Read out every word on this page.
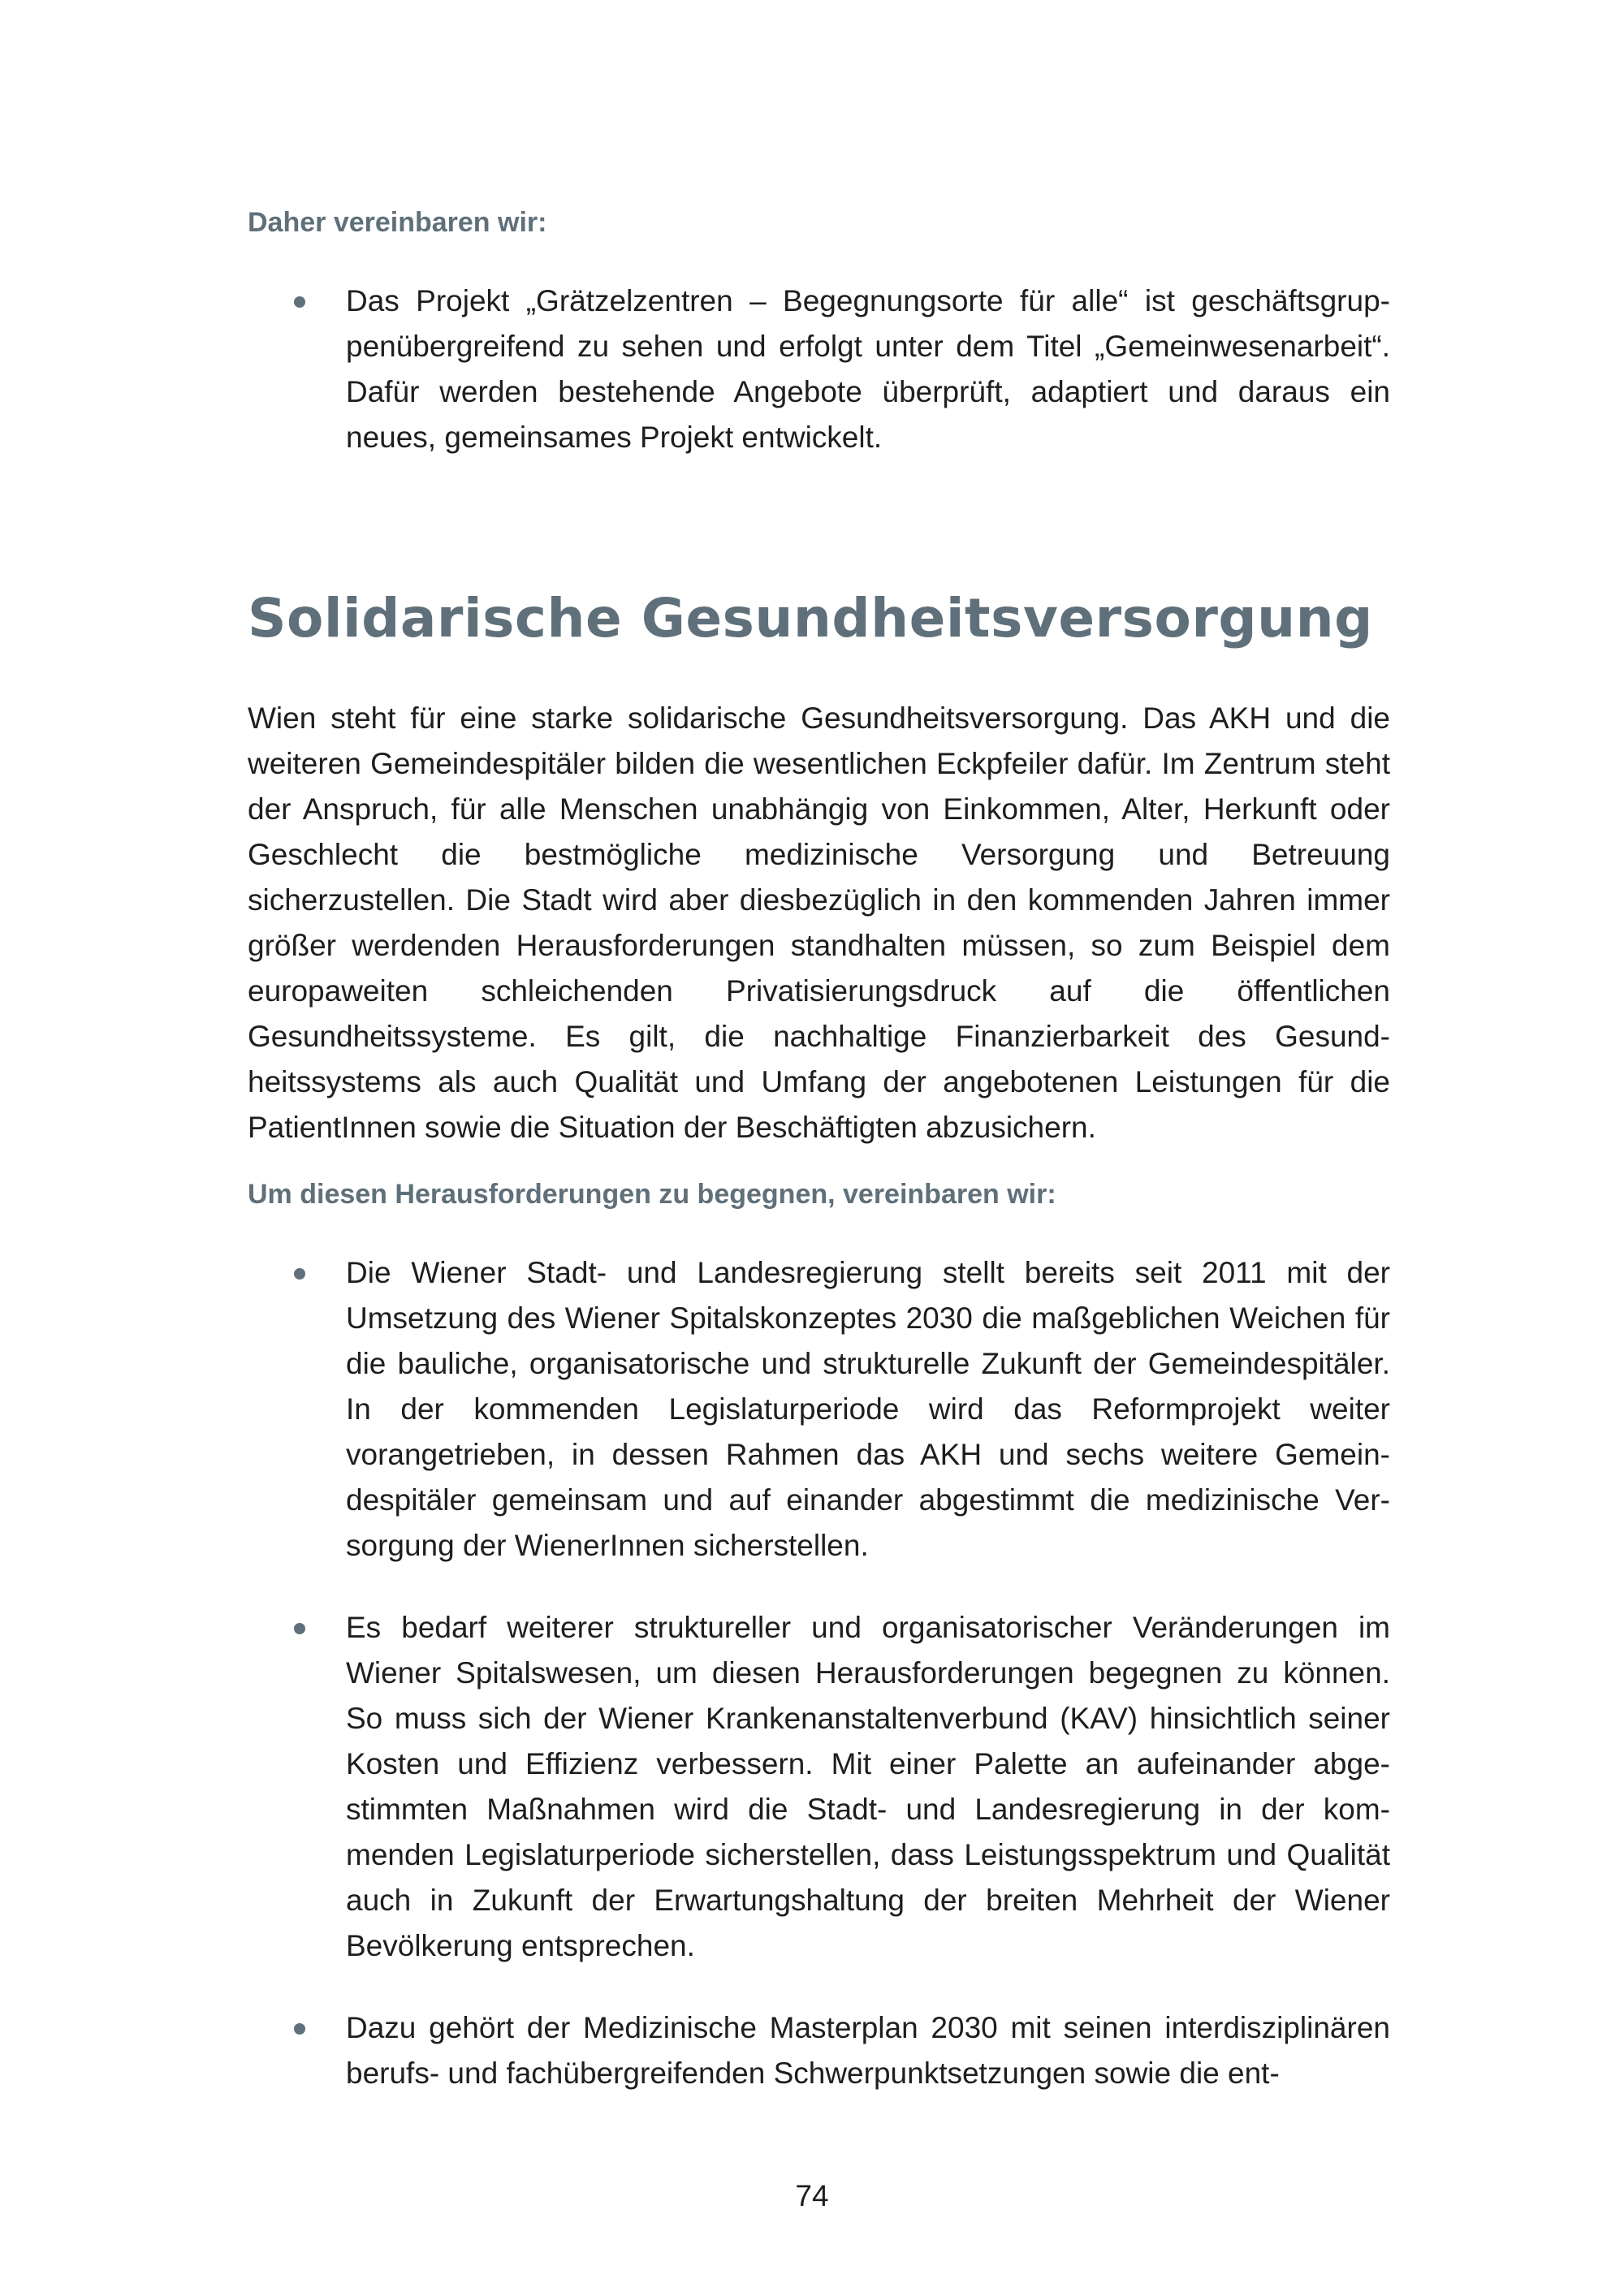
Daher vereinbaren wir:

Das Projekt „Grätzelzentren – Begegnungsorte für alle“ ist geschäftsgruppenübergreifend zu sehen und erfolgt unter dem Titel „Gemeinwesenarbeit“. Dafür werden bestehende Angebote überprüft, adaptiert und daraus ein neues, gemeinsames Projekt entwickelt.

Solidarische Gesundheitsversorgung

Wien steht für eine starke solidarische Gesundheitsversorgung. Das AKH und die weiteren Gemeindespitäler bilden die wesentlichen Eckpfeiler dafür. Im Zentrum steht der Anspruch, für alle Menschen unabhängig von Einkommen, Alter, Herkunft oder Geschlecht die bestmögliche medizinische Versorgung und Betreuung sicherzustellen. Die Stadt wird aber diesbezüglich in den kommenden Jahren immer größer werdenden Herausforderungen standhalten müssen, so zum Beispiel dem europaweiten schleichenden Privatisierungsdruck auf die öffentlichen Gesundheitssysteme. Es gilt, die nachhaltige Finanzierbarkeit des Gesundheitssystems als auch Qualität und Umfang der angebotenen Leistungen für die PatientInnen sowie die Situation der Beschäftigten abzusichern.

Um diesen Herausforderungen zu begegnen, vereinbaren wir:

Die Wiener Stadt- und Landesregierung stellt bereits seit 2011 mit der Umsetzung des Wiener Spitalskonzeptes 2030 die maßgeblichen Weichen für die bauliche, organisatorische und strukturelle Zukunft der Gemeindespitäler. In der kommenden Legislaturperiode wird das Reformprojekt weiter vorangetrieben, in dessen Rahmen das AKH und sechs weitere Gemeindespitäler gemeinsam und auf einander abgestimmt die medizinische Versorgung der WienerInnen sicherstellen.

Es bedarf weiterer struktureller und organisatorischer Veränderungen im Wiener Spitalswesen, um diesen Herausforderungen begegnen zu können. So muss sich der Wiener Krankenanstaltenverbund (KAV) hinsichtlich seiner Kosten und Effizienz verbessern. Mit einer Palette an aufeinander abgestimmten Maßnahmen wird die Stadt- und Landesregierung in der kommenden Legislaturperiode sicherstellen, dass Leistungsspektrum und Qualität auch in Zukunft der Erwartungshaltung der breiten Mehrheit der Wiener Bevölkerung entsprechen.

Dazu gehört der Medizinische Masterplan 2030 mit seinen interdisziplinären berufs- und fachübergreifenden Schwerpunktsetzungen sowie die ent-

74
